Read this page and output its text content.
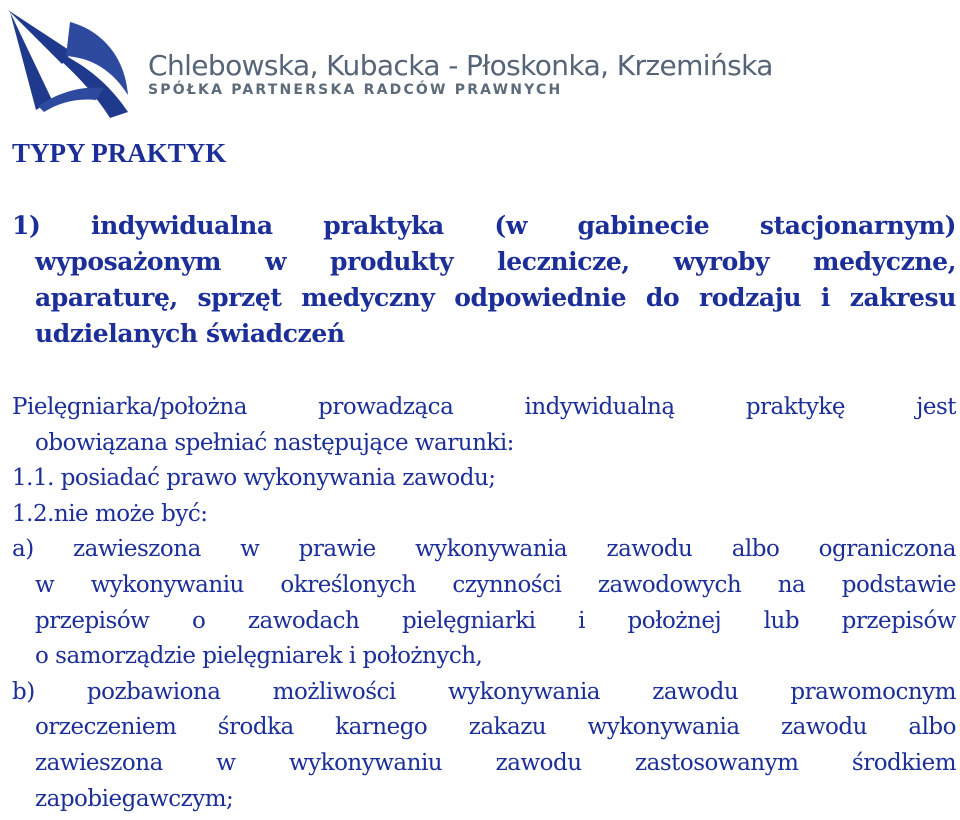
Chlebowska, Kubacka - Płoskonka, Krzemińska
SPÓŁKA PARTNERSKA RADCÓW PRAWNYCH
TYPY PRAKTYK
1) indywidualna praktyka (w gabinecie stacjonarnym)
wyposażonym w produkty lecznicze, wyroby medyczne,
aparaturę, sprzęt medyczny odpowiednie do rodzaju i zakresu
udzielanych świadczeń
Pielęgniarka/położna prowadząca indywidualną praktykę jest
obowiązana spełniać następujące warunki:
1.1. posiadać prawo wykonywania zawodu;
1.2.nie może być:
a) zawieszona w prawie wykonywania zawodu albo ograniczona
w wykonywaniu określonych czynności zawodowych na podstawie
przepisów o zawodach pielęgniarki i położnej lub przepisów
o samorządzie pielęgniarek i położnych,
b) pozbawiona możliwości wykonywania zawodu prawomocnym
orzeczeniem środka karnego zakazu wykonywania zawodu albo
zawieszona w wykonywaniu zawodu zastosowanym środkiem
zapobiegawczym;
